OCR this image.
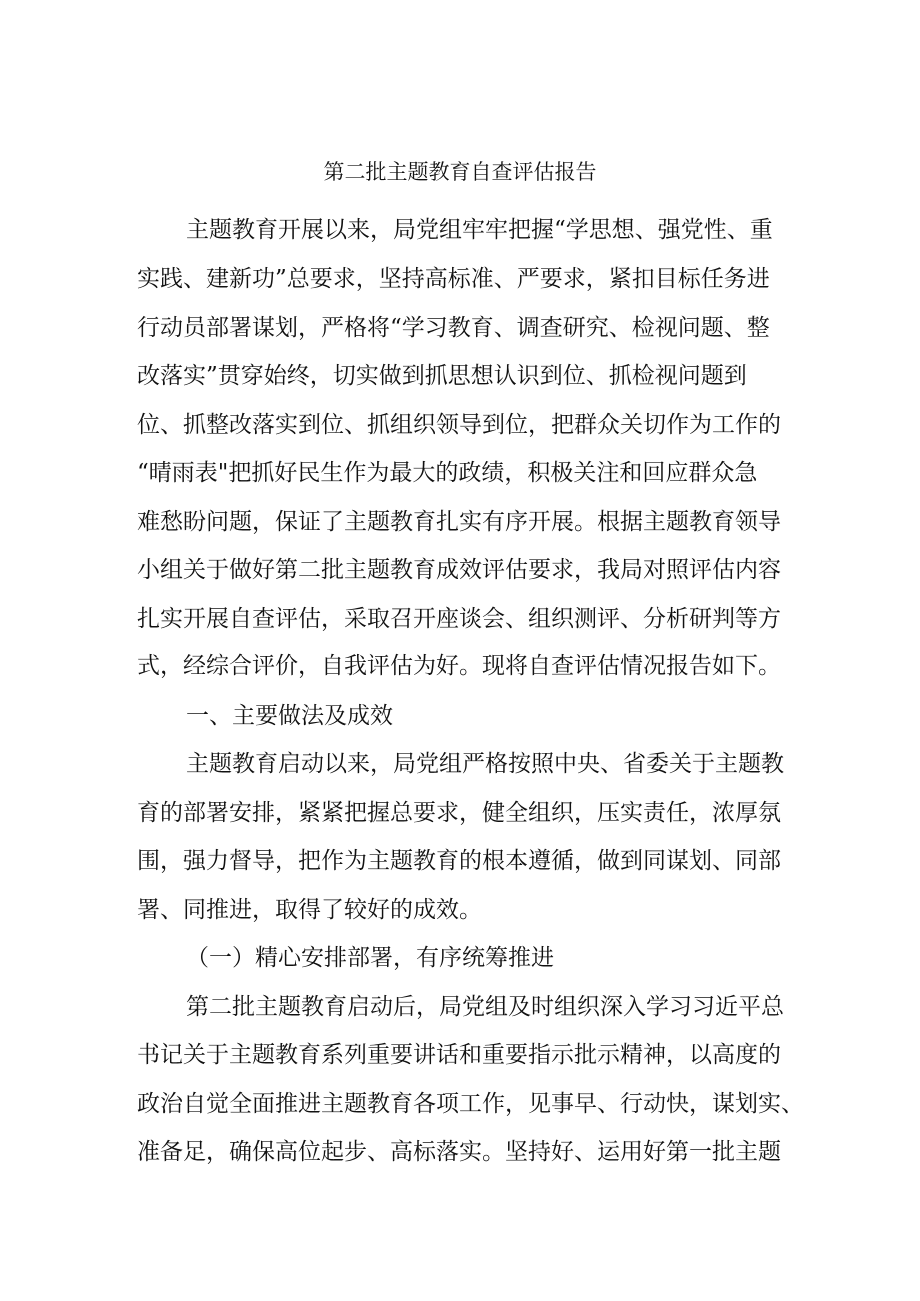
第二批主题教育自查评估报告
主题教育开展以来，局党组牢牢把握“学思想、强党性、重
实践、建新功”总要求，坚持高标准、严要求，紧扣目标任务进
行动员部署谋划，严格将“学习教育、调查研究、检视问题、整
改落实”贯穿始终，切实做到抓思想认识到位、抓检视问题到
位、抓整改落实到位、抓组织领导到位，把群众关切作为工作的
“晴雨表"把抓好民生作为最大的政绩，积极关注和回应群众急
难愁盼问题，保证了主题教育扎实有序开展。根据主题教育领导
小组关于做好第二批主题教育成效评估要求，我局对照评估内容
扎实开展自查评估，采取召开座谈会、组织测评、分析研判等方
式，经综合评价，自我评估为好。现将自查评估情况报告如下。
一、主要做法及成效
主题教育启动以来，局党组严格按照中央、省委关于主题教
育的部署安排，紧紧把握总要求，健全组织，压实责任，浓厚氛
围，强力督导，把作为主题教育的根本遵循，做到同谋划、同部
署、同推进，取得了较好的成效。
（一）精心安排部署，有序统筹推进
第二批主题教育启动后，局党组及时组织深入学习习近平总
书记关于主题教育系列重要讲话和重要指示批示精神，以高度的
政治自觉全面推进主题教育各项工作，见事早、行动快，谋划实、
准备足，确保高位起步、高标落实。坚持好、运用好第一批主题
